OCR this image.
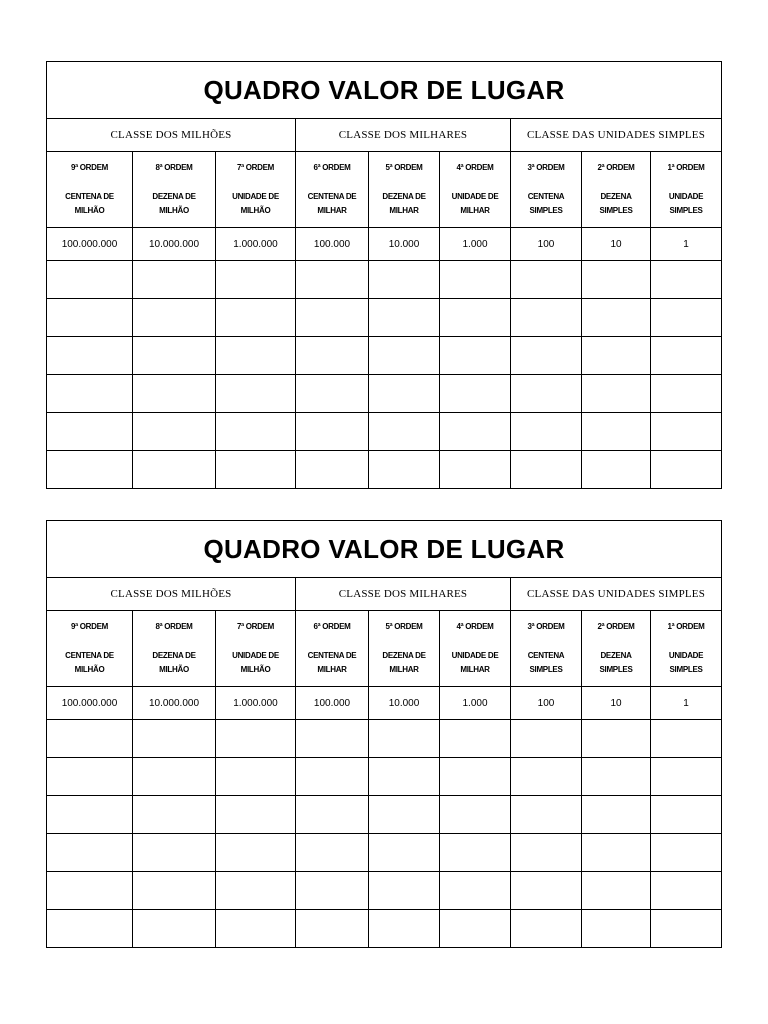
QUADRO VALOR DE LUGAR								
CLASSE DOS MILHÕES			CLASSE DOS MILHARES			CLASSE DAS UNIDADES SIMPLES		

9ª ORDEM
CENTENA DE
MILHÃO	8ª ORDEM
DEZENA DE
MILHÃO	7ª ORDEM
UNIDADE DE
MILHÃO	6ª ORDEM
CENTENA DE
MILHAR	5ª ORDEM
DEZENA DE
MILHAR	4ª ORDEM
UNIDADE DE
MILHAR	3ª ORDEM
CENTENA
SIMPLES	2ª ORDEM
DEZENA
SIMPLES	1ª ORDEM
UNIDADE
SIMPLES

100.000.000	10.000.000	1.000.000	100.000	10.000	1.000	100	10	1

QUADRO VALOR DE LUGAR								
CLASSE DOS MILHÕES			CLASSE DOS MILHARES			CLASSE DAS UNIDADES SIMPLES		

9ª ORDEM
CENTENA DE
MILHÃO	8ª ORDEM
DEZENA DE
MILHÃO	7ª ORDEM
UNIDADE DE
MILHÃO	6ª ORDEM
CENTENA DE
MILHAR	5ª ORDEM
DEZENA DE
MILHAR	4ª ORDEM
UNIDADE DE
MILHAR	3ª ORDEM
CENTENA
SIMPLES	2ª ORDEM
DEZENA
SIMPLES	1ª ORDEM
UNIDADE
SIMPLES

100.000.000	10.000.000	1.000.000	100.000	10.000	1.000	100	10	1
